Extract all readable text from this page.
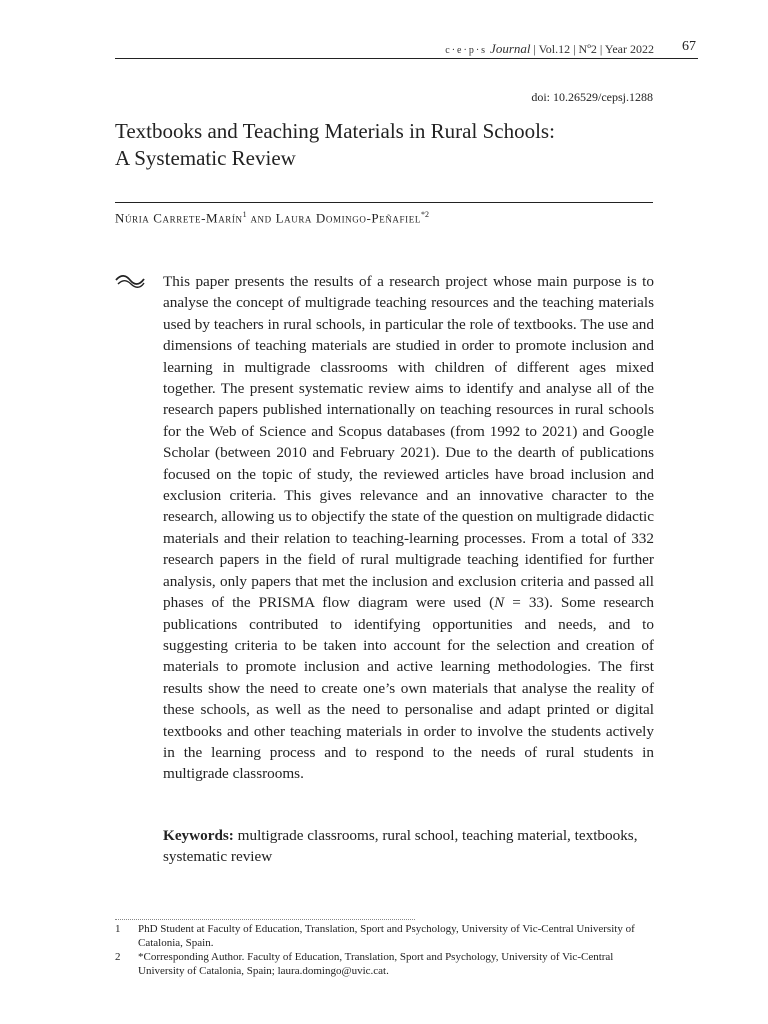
c·e·p·s Journal | Vol.12 | Nº2 | Year 2022 67
doi: 10.26529/cepsj.1288
Textbooks and Teaching Materials in Rural Schools:
A Systematic Review
Núria Carrete-Marín$^1$ and Laura Domingo-Peñafiel$^{*2}$

This paper presents the results of a research project whose main purpose is to analyse the concept of multigrade teaching resources and the teaching materials used by teachers in rural schools, in particular the role of textbooks. The use and dimensions of teaching materials are studied in order to promote inclusion and learning in multigrade classrooms with children of different ages mixed together. The present systematic review aims to identify and analyse all of the research papers published internationally on teaching resources in rural schools for the Web of Science and Scopus databases (from 1992 to 2021) and Google Scholar (between 2010 and February 2021). Due to the dearth of publications focused on the topic of study, the reviewed articles have broad inclusion and exclusion criteria. This gives relevance and an innovative character to the research, allowing us to objectify the state of the question on multigrade didactic materials and their relation to teaching-learning processes. From a total of 332 research papers in the field of rural multigrade teaching identified for further analysis, only papers that met the inclusion and exclusion criteria and passed all phases of the PRISMA flow diagram were used (N = 33). Some research publications contributed to identifying opportunities and needs, and to suggesting criteria to be taken into account for the selection and creation of materials to promote inclusion and active learning methodologies. The first results show the need to create one’s own materials that analyse the reality of these schools, as well as the need to personalise and adapt printed or digital textbooks and other teaching materials in order to involve the students actively in the learning process and to respond to the needs of rural students in multigrade classrooms.

Keywords: multigrade classrooms, rural school, teaching material, textbooks, systematic review

1	PhD Student at Faculty of Education, Translation, Sport and Psychology, University of Vic-Central University of Catalonia, Spain.
2	*Corresponding Author. Faculty of Education, Translation, Sport and Psychology, University of Vic-Central University of Catalonia, Spain; laura.domingo@uvic.cat.
